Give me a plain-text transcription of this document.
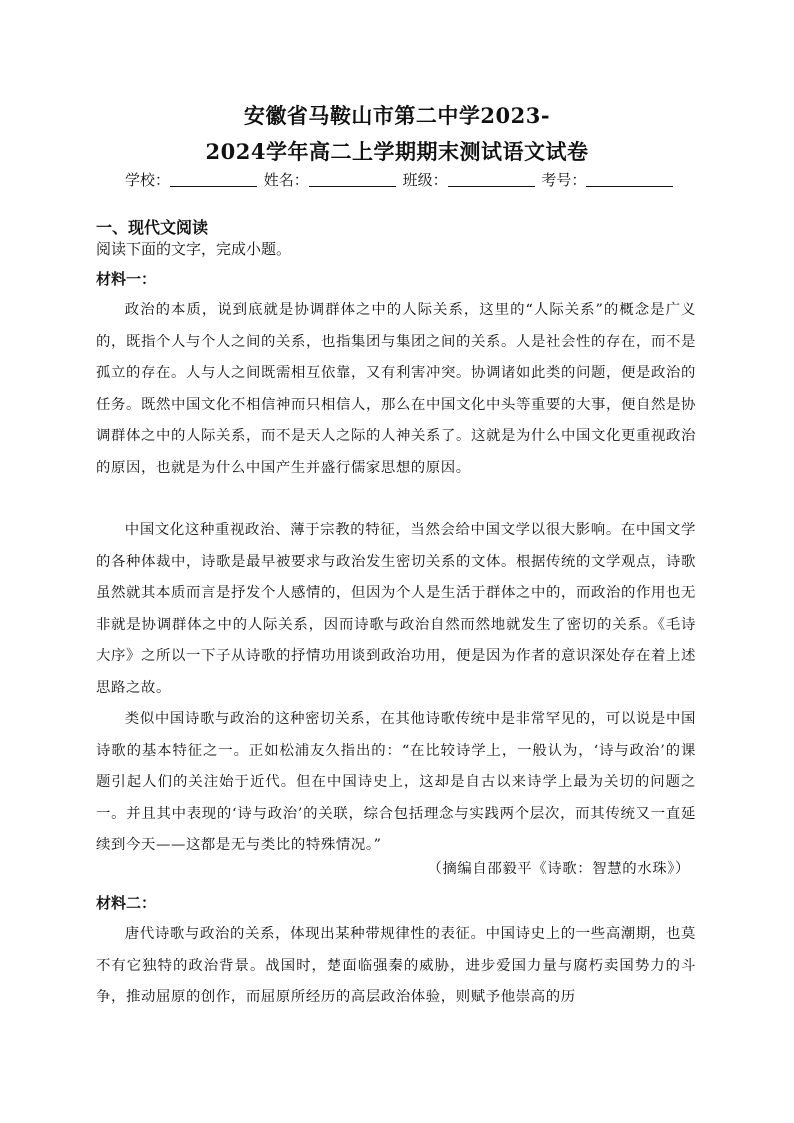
安徽省马鞍山市第二中学2023-
2024学年高二上学期期末测试语文试卷
学校：	姓名：	班级：	考号：
一、现代文阅读
阅读下面的文字，完成小题。
材料一：

政治的本质，说到底就是协调群体之中的人际关系，这里的“人际关系”的概念是广义的，既指个人与个人之间的关系，也指集团与集团之间的关系。人是社会性的存在，而不是孤立的存在。人与人之间既需相互依靠，又有利害冲突。协调诸如此类的问题，便是政治的任务。既然中国文化不相信神而只相信人，那么在中国文化中头等重要的大事，便自然是协调群体之中的人际关系，而不是天人之际的人神关系了。这就是为什么中国文化更重视政治的原因，也就是为什么中国产生并盛行儒家思想的原因。

中国文化这种重视政治、薄于宗教的特征，当然会给中国文学以很大影响。在中国文学的各种体裁中，诗歌是最早被要求与政治发生密切关系的文体。根据传统的文学观点，诗歌虽然就其本质而言是抒发个人感情的，但因为个人是生活于群体之中的，而政治的作用也无非就是协调群体之中的人际关系，因而诗歌与政治自然而然地就发生了密切的关系。《毛诗大序》之所以一下子从诗歌的抒情功用谈到政治功用，便是因为作者的意识深处存在着上述思路之故。

类似中国诗歌与政治的这种密切关系，在其他诗歌传统中是非常罕见的，可以说是中国诗歌的基本特征之一。正如松浦友久指出的：“在比较诗学上，一般认为，‘诗与政治’的课题引起人们的关注始于近代。但在中国诗史上，这却是自古以来诗学上最为关切的问题之一。并且其中表现的‘诗与政治’的关联，综合包括理念与实践两个层次，而其传统又一直延续到今天——这都是无与类比的特殊情况。”

（摘编自邵毅平《诗歌：智慧的水珠》）
材料二：

唐代诗歌与政治的关系，体现出某种带规律性的表征。中国诗史上的一些高潮期，也莫不有它独特的政治背景。战国时，楚面临强秦的威胁，进步爱国力量与腐朽卖国势力的斗争，推动屈原的创作，而屈原所经历的高层政治体验，则赋予他崇高的历
